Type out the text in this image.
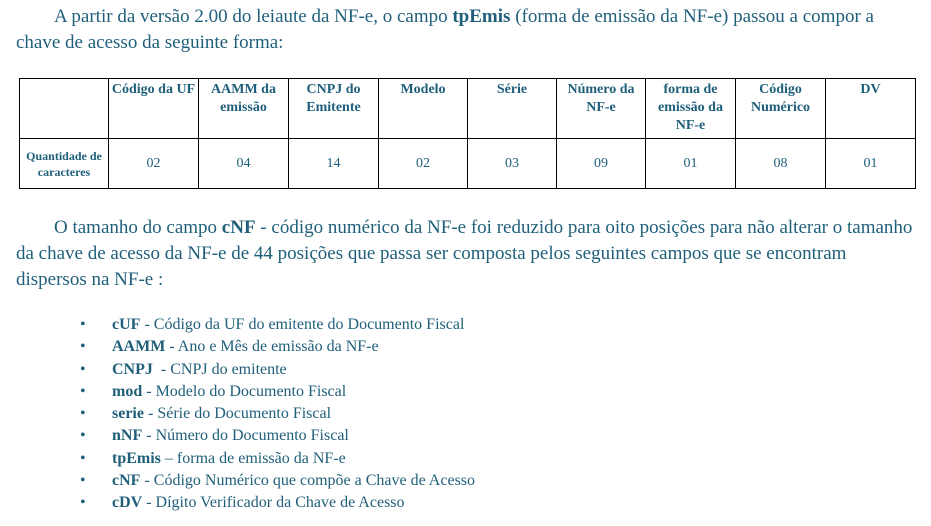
A partir da versão 2.00 do leiaute da NF-e, o campo tpEmis (forma de emissão da NF-e) passou a compor a chave de acesso da seguinte forma:

	Código da UF	AAMM da emissão	CNPJ do Emitente	Modelo	Série	Número da NF-e	forma de emissão da NF-e	Código Numérico	DV
Quantidade de caracteres	02	04	14	02	03	09	01	08	01

O tamanho do campo cNF - código numérico da NF-e foi reduzido para oito posições para não alterar o tamanho da chave de acesso da NF-e de 44 posições que passa ser composta pelos seguintes campos que se encontram dispersos na NF-e :

• cUF - Código da UF do emitente do Documento Fiscal
• AAMM - Ano e Mês de emissão da NF-e
• CNPJ  - CNPJ do emitente
• mod - Modelo do Documento Fiscal
• serie - Série do Documento Fiscal
• nNF - Número do Documento Fiscal
• tpEmis – forma de emissão da NF-e
• cNF - Código Numérico que compõe a Chave de Acesso
• cDV - Dígito Verificador da Chave de Acesso
